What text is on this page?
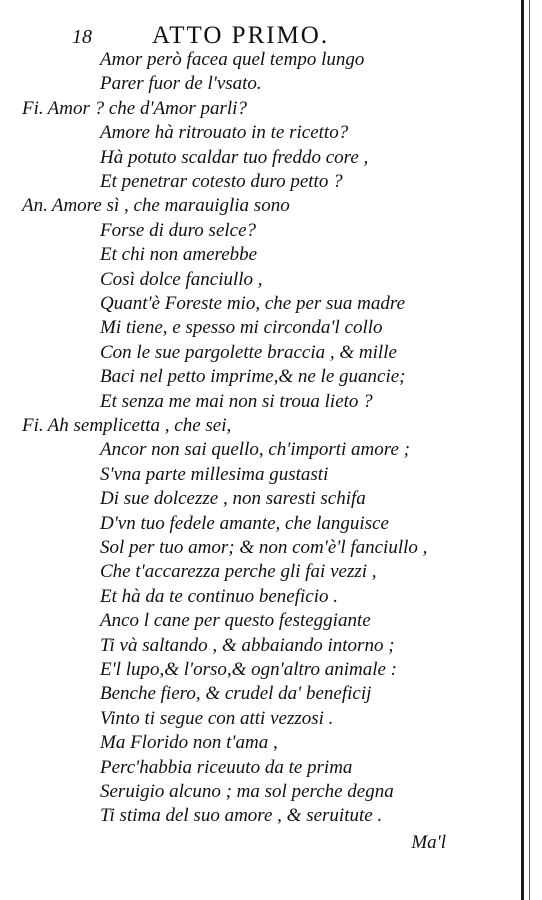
18 ATTO PRIMO.
Amor però facea quel tempo lungo
Parer fuor de l'vsato.
Fi. Amor ? che d'Amor parli?
Amore hà ritrouato in te ricetto?
Hà potuto scaldar tuo freddo core ,
Et penetrar cotesto duro petto ?
An. Amore sì , che marauiglia sono
Forse di duro selce?
Et chi non amerebbe
Così dolce fanciullo ,
Quant'è Foreste mio, che per sua madre
Mi tiene, e spesso mi circonda'l collo
Con le sue pargolette braccia , & mille
Baci nel petto imprime,& ne le guancie;
Et senza me mai non si troua lieto ?
Fi. Ah semplicetta , che sei,
Ancor non sai quello, ch'importi amore ;
S'vna parte millesima gustasti
Di sue dolcezze , non saresti schifa
D'vn tuo fedele amante, che languisce
Sol per tuo amor; & non com'è'l fanciullo ,
Che t'accarezza perche gli fai vezzi ,
Et hà da te continuo beneficio .
Anco l cane per questo festeggiante
Ti và saltando , & abbaiando intorno ;
E'l lupo,& l'orso,& ogn'altro animale :
Benche fiero, & crudel da' beneficij
Vinto ti segue con atti vezzosi .
Ma Florido non t'ama ,
Perc'habbia riceuuto da te prima
Seruigio alcuno ; ma sol perche degna
Ti stima del suo amore , & seruitute .
Ma'l
